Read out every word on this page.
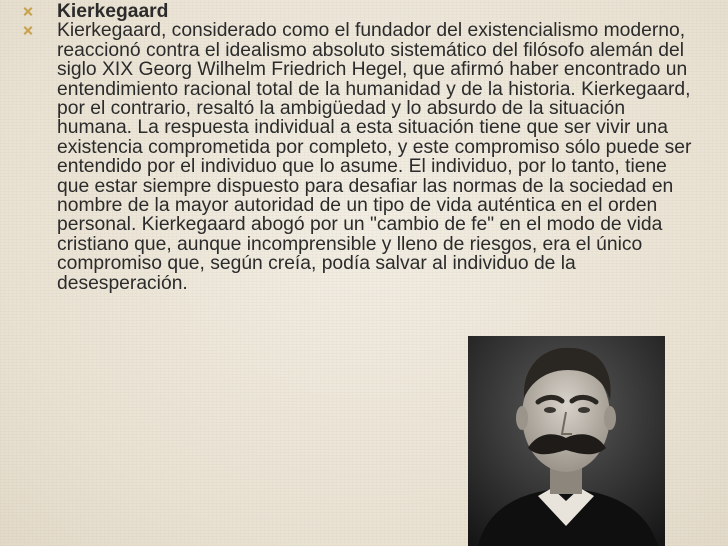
Kierkegaard
Kierkegaard, considerado como el fundador del existencialismo moderno, reaccionó contra el idealismo absoluto sistemático del filósofo alemán del siglo XIX Georg Wilhelm Friedrich Hegel, que afirmó haber encontrado un entendimiento racional total de la humanidad y de la historia. Kierkegaard, por el contrario, resaltó la ambigüedad y lo absurdo de la situación humana. La respuesta individual a esta situación tiene que ser vivir una existencia comprometida por completo, y este compromiso sólo puede ser entendido por el individuo que lo asume. El individuo, por lo tanto, tiene que estar siempre dispuesto para desafiar las normas de la sociedad en nombre de la mayor autoridad de un tipo de vida auténtica en el orden personal. Kierkegaard abogó por un "cambio de fe" en el modo de vida cristiano que, aunque incomprensible y lleno de riesgos, era el único compromiso que, según creía, podía salvar al individuo de la desesperación.
